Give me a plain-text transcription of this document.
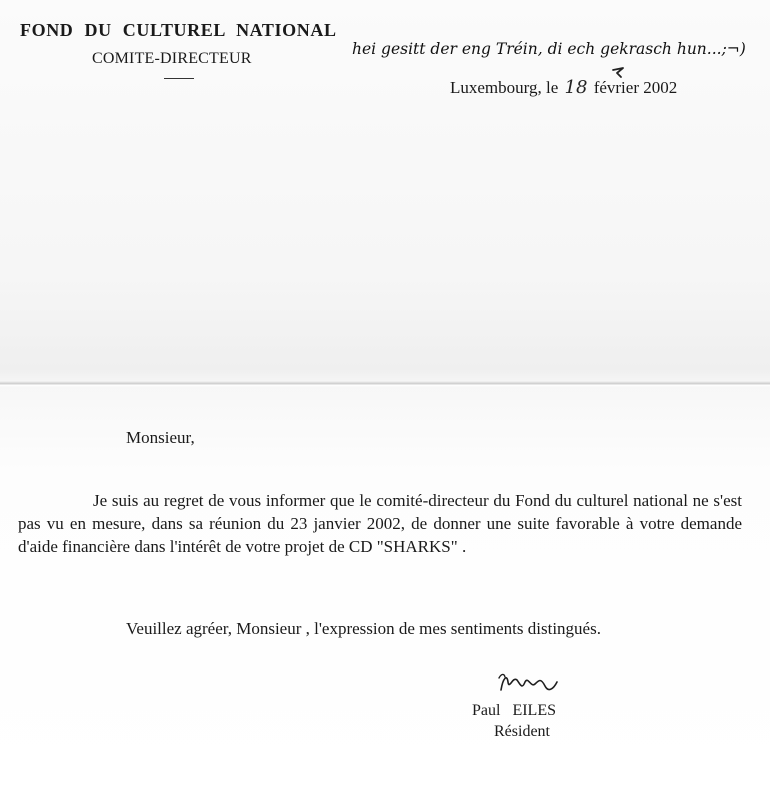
FOND DU CULTUREL NATIONAL
COMITE-DIRECTEUR
hei gesitt der eng Tréin, di ech gekrasch hun...;¬)
Luxembourg, le 18 février 2002
Monsieur,
Je suis au regret de vous informer que le comité-directeur du Fond du culturel national ne s'est pas vu en mesure, dans sa réunion du 23 janvier 2002, de donner une suite favorable à votre demande d'aide financière dans l'intérêt de votre projet de CD "SHARKS" .
Veuillez agréer, Monsieur , l'expression de mes sentiments distingués.
Paul EILES
Résident
